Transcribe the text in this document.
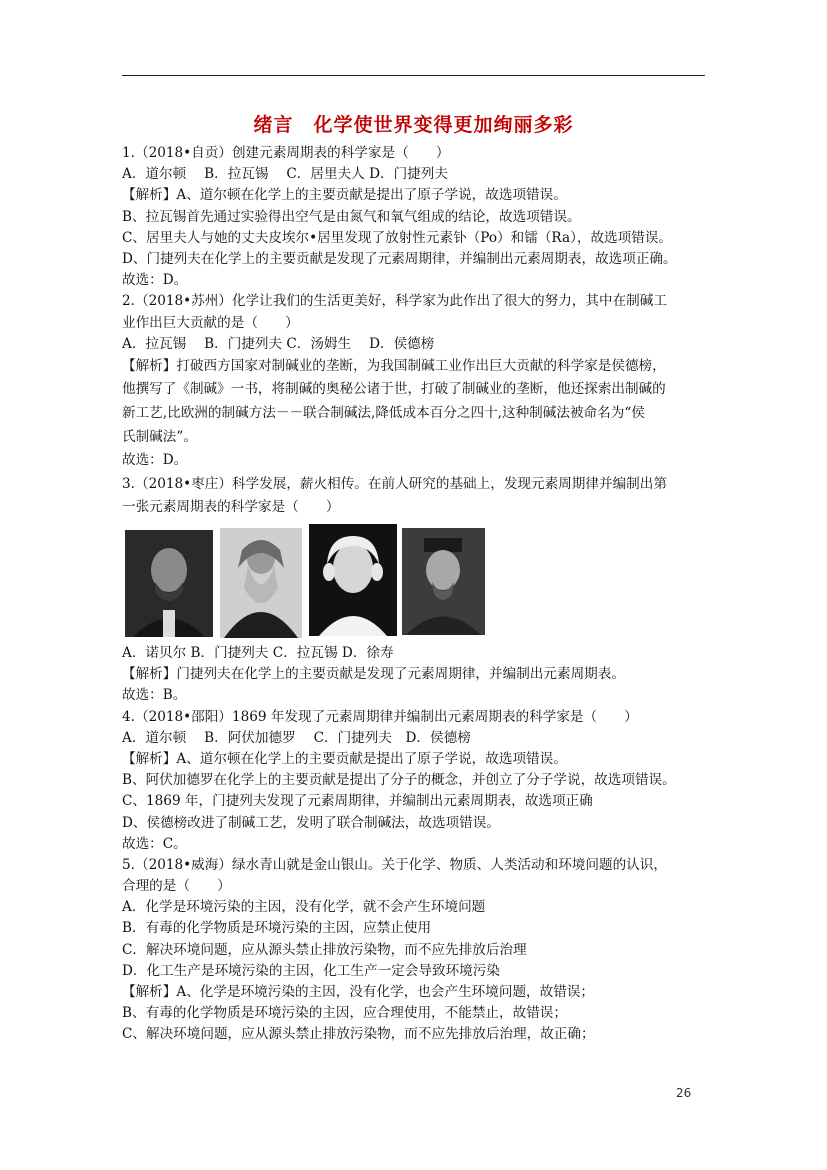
绪言　化学使世界变得更加绚丽多彩
1.（2018•自贡）创建元素周期表的科学家是（　　）
A．道尔顿　 B．拉瓦锡　 C．居里夫人 D．门捷列夫
【解析】A、道尔顿在化学上的主要贡献是提出了原子学说，故选项错误。
B、拉瓦锡首先通过实验得出空气是由氮气和氧气组成的结论，故选项错误。
C、居里夫人与她的丈夫皮埃尔•居里发现了放射性元素钋（Po）和镭（Ra），故选项错误。
D、门捷列夫在化学上的主要贡献是发现了元素周期律，并编制出元素周期表，故选项正确。
故选：D。
2.（2018•苏州）化学让我们的生活更美好，科学家为此作出了很大的努力，其中在制碱工
业作出巨大贡献的是（　　）
A．拉瓦锡　 B．门捷列夫 C．汤姆生　 D．侯德榜
【解析】打破西方国家对制碱业的垄断，为我国制碱工业作出巨大贡献的科学家是侯德榜，
他撰写了《制碱》一书，将制碱的奥秘公诸于世，打破了制碱业的垄断，他还探索出制碱的
新工艺,比欧洲的制碱方法－－联合制碱法,降低成本百分之四十,这种制碱法被命名为“侯
氏制碱法”。
故选：D。
3.（2018•枣庄）科学发展，薪火相传。在前人研究的基础上，发现元素周期律并编制出第
一张元素周期表的科学家是（　　）
A．诺贝尔 B．门捷列夫 C．拉瓦锡 D．徐寿
【解析】门捷列夫在化学上的主要贡献是发现了元素周期律，并编制出元素周期表。
故选：B。
4.（2018•邵阳）1869 年发现了元素周期律并编制出元素周期表的科学家是（　　）
A．道尔顿　 B．阿伏加德罗　 C．门捷列夫　D．侯德榜
【解析】A、道尔顿在化学上的主要贡献是提出了原子学说，故选项错误。
B、阿伏加德罗在化学上的主要贡献是提出了分子的概念，并创立了分子学说，故选项错误。
C、1869 年，门捷列夫发现了元素周期律，并编制出元素周期表，故选项正确
D、侯德榜改进了制碱工艺，发明了联合制碱法，故选项错误。
故选：C。
5.（2018•威海）绿水青山就是金山银山。关于化学、物质、人类活动和环境问题的认识，
合理的是（　　）
A．化学是环境污染的主因，没有化学，就不会产生环境问题
B．有毒的化学物质是环境污染的主因，应禁止使用
C．解决环境问题，应从源头禁止排放污染物，而不应先排放后治理
D．化工生产是环境污染的主因，化工生产一定会导致环境污染
【解析】A、化学是环境污染的主因，没有化学，也会产生环境问题，故错误；
B、有毒的化学物质是环境污染的主因，应合理使用，不能禁止，故错误；
C、解决环境问题，应从源头禁止排放污染物，而不应先排放后治理，故正确；
26
